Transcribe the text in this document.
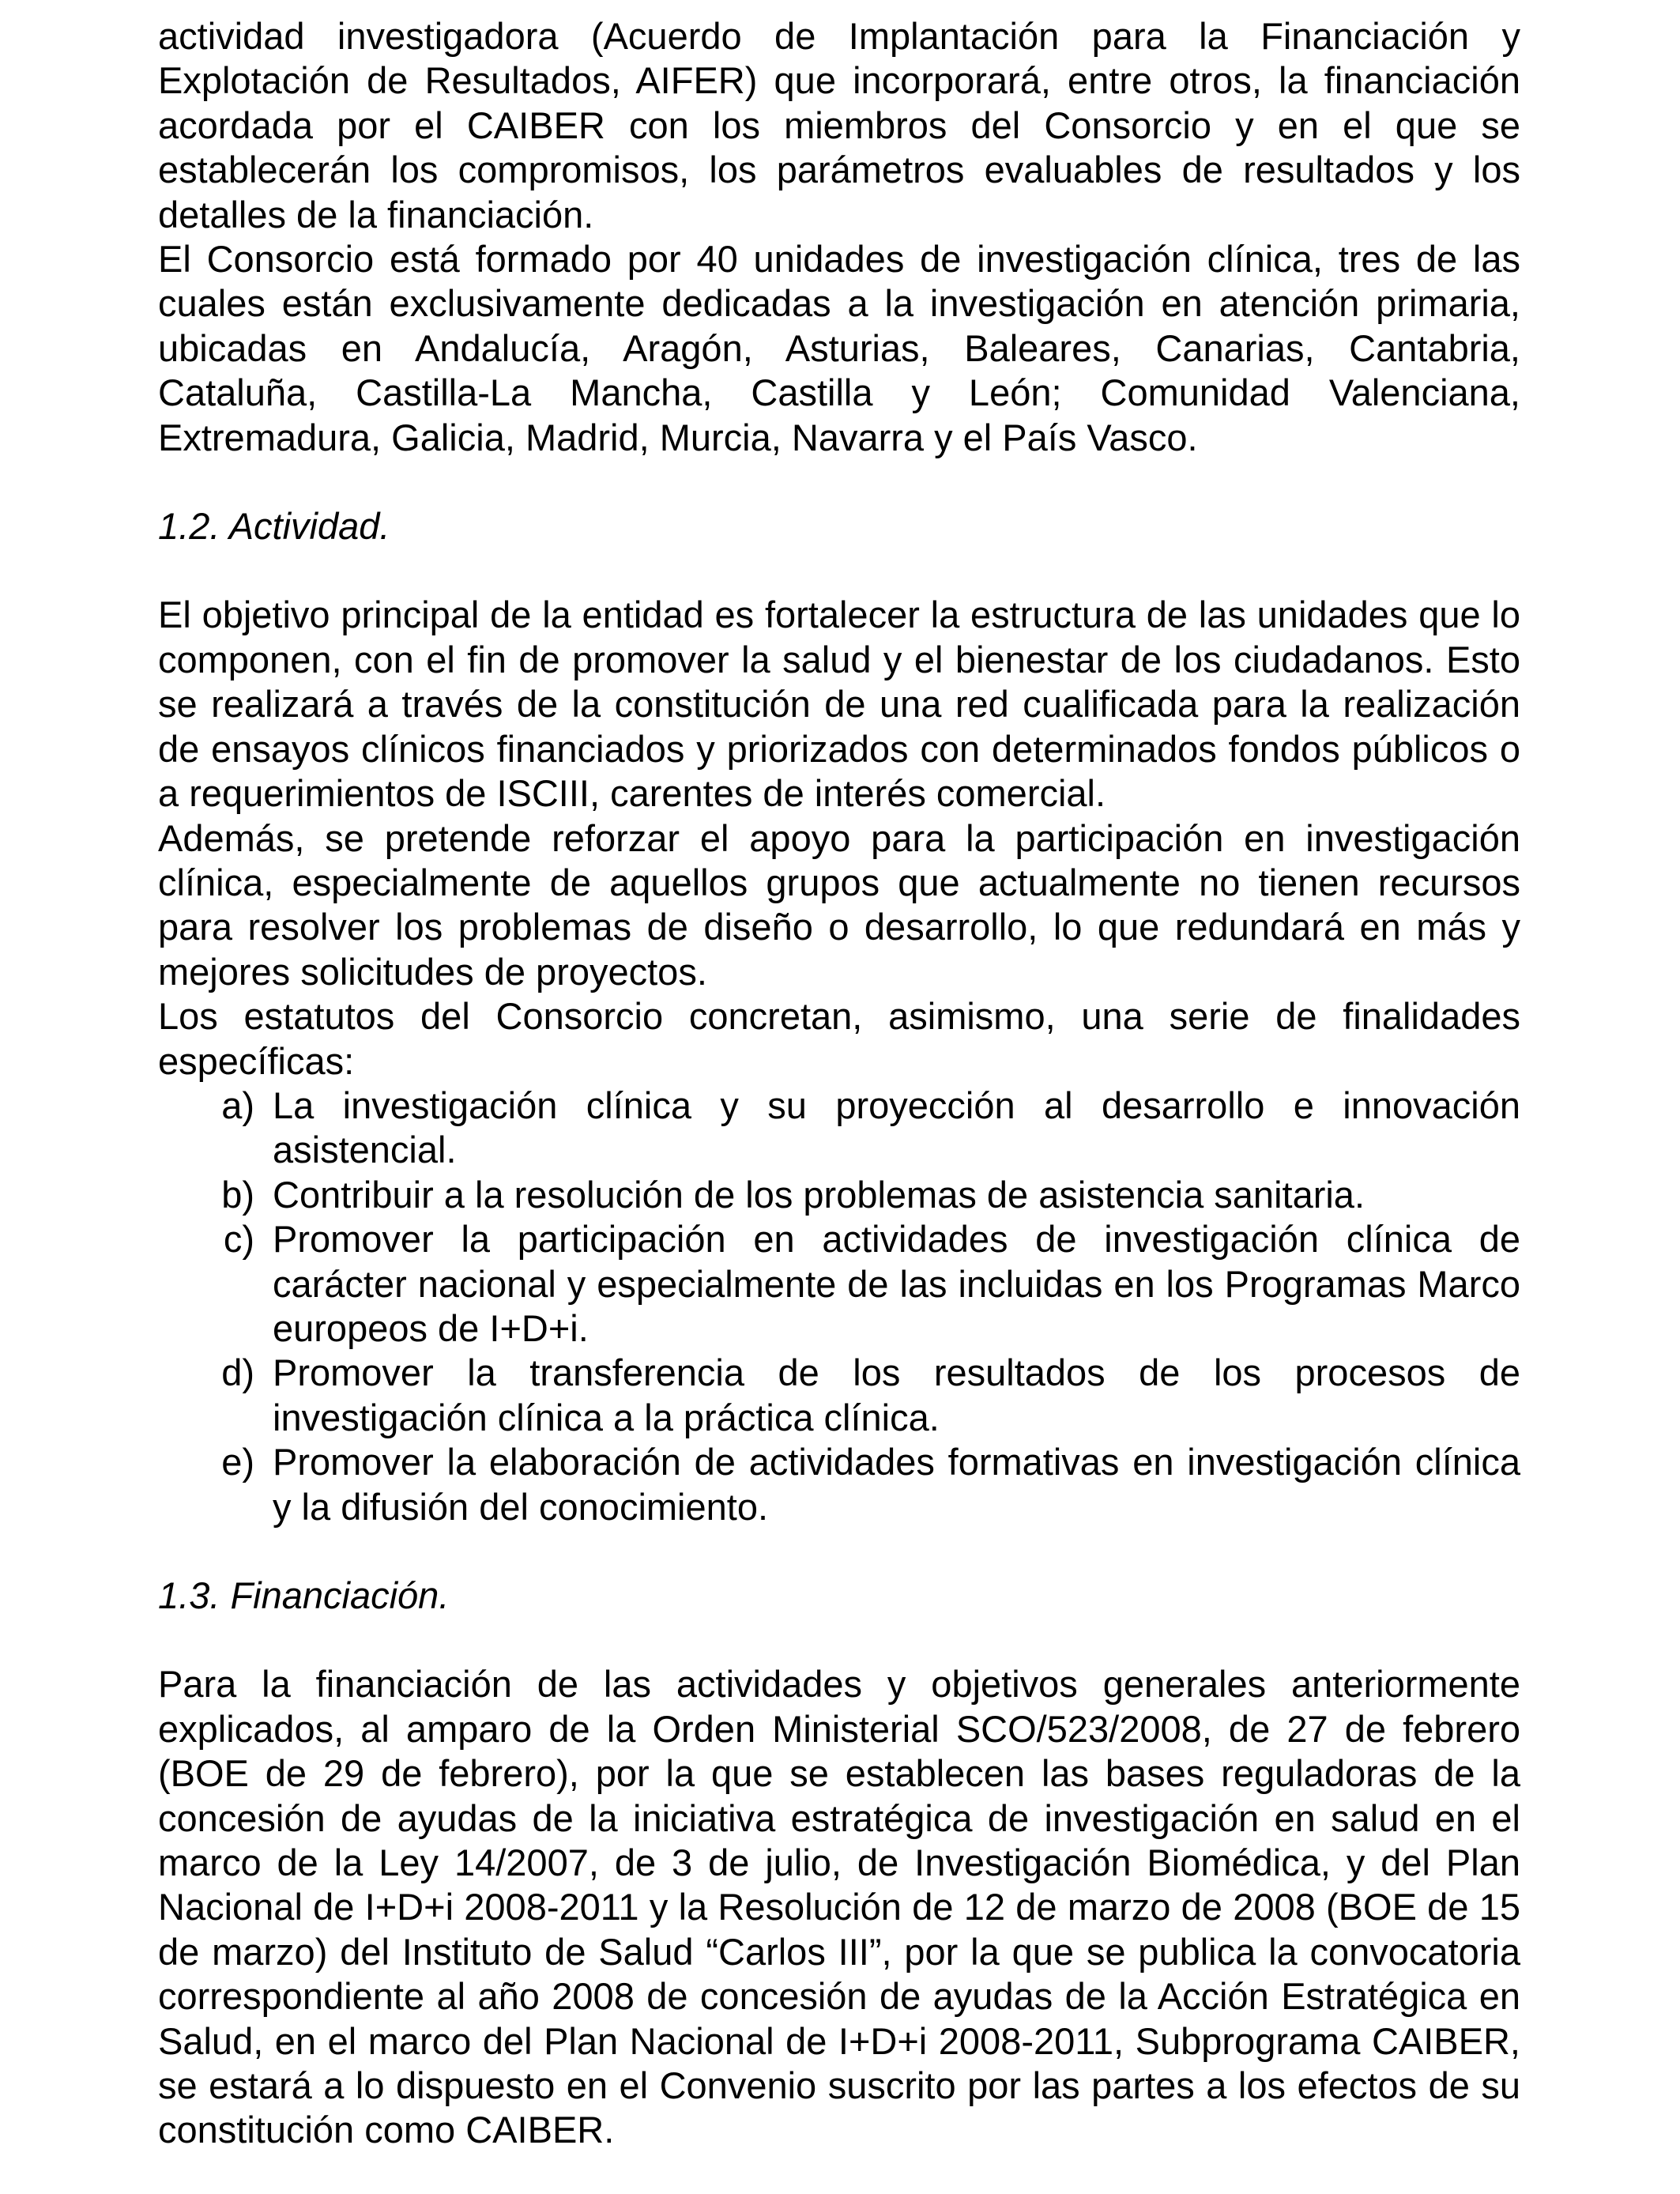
actividad investigadora (Acuerdo de Implantación para la Financiación y Explotación de Resultados, AIFER) que incorporará, entre otros, la financiación acordada por el CAIBER con los miembros del Consorcio y en el que se establecerán los compromisos, los parámetros evaluables de resultados y los detalles de la financiación.

El Consorcio está formado por 40 unidades de investigación clínica, tres de las cuales están exclusivamente dedicadas a la investigación en atención primaria, ubicadas en Andalucía, Aragón, Asturias, Baleares, Canarias, Cantabria, Cataluña, Castilla-La Mancha, Castilla y León; Comunidad Valenciana, Extremadura, Galicia, Madrid, Murcia, Navarra y el País Vasco.

1.2. Actividad.

El objetivo principal de la entidad es fortalecer la estructura de las unidades que lo componen, con el fin de promover la salud y el bienestar de los ciudadanos. Esto se realizará a través de la constitución de una red cualificada para la realización de ensayos clínicos financiados y priorizados con determinados fondos públicos o a requerimientos de ISCIII, carentes de interés comercial.

Además, se pretende reforzar el apoyo para la participación en investigación clínica, especialmente de aquellos grupos que actualmente no tienen recursos para resolver los problemas de diseño o desarrollo, lo que redundará en más y mejores solicitudes de proyectos.

Los estatutos del Consorcio concretan, asimismo, una serie de finalidades específicas:

a) La investigación clínica y su proyección al desarrollo e innovación asistencial.
b) Contribuir a la resolución de los problemas de asistencia sanitaria.
c) Promover la participación en actividades de investigación clínica de carácter nacional y especialmente de las incluidas en los Programas Marco europeos de I+D+i.
d) Promover la transferencia de los resultados de los procesos de investigación clínica a la práctica clínica.
e) Promover la elaboración de actividades formativas en investigación clínica y la difusión del conocimiento.

1.3. Financiación.

Para la financiación de las actividades y objetivos generales anteriormente explicados, al amparo de la Orden Ministerial SCO/523/2008, de 27 de febrero (BOE de 29 de febrero), por la que se establecen las bases reguladoras de la concesión de ayudas de la iniciativa estratégica de investigación en salud en el marco de la Ley 14/2007, de 3 de julio, de Investigación Biomédica, y del Plan Nacional de I+D+i 2008-2011 y la Resolución de 12 de marzo de 2008 (BOE de 15 de marzo) del Instituto de Salud “Carlos III”, por la que se publica la convocatoria correspondiente al año 2008 de concesión de ayudas de la Acción Estratégica en Salud, en el marco del Plan Nacional de I+D+i 2008-2011, Subprograma CAIBER, se estará a lo dispuesto en el Convenio suscrito por las partes a los efectos de su constitución como CAIBER.
